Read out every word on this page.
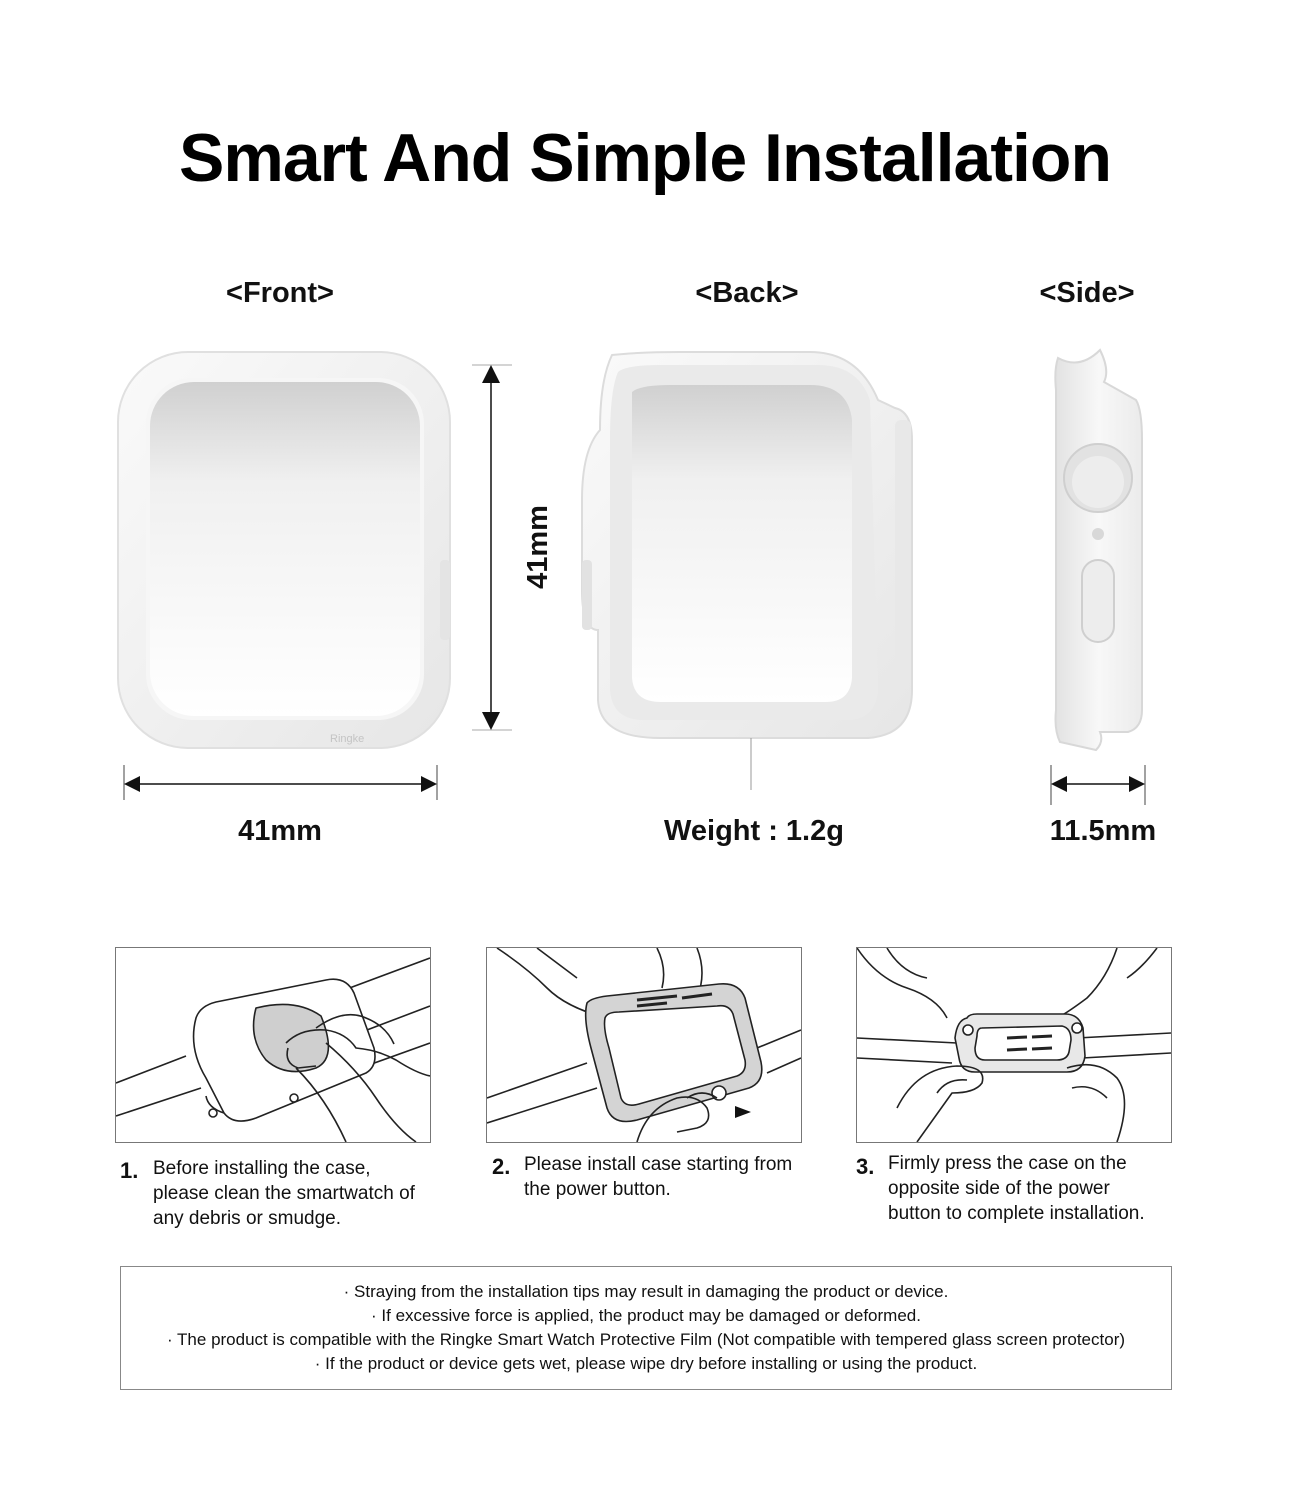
Smart And Simple Installation
<Front>	<Back>	<Side>
Ringke
41mm
41mm	Weight : 1.2g	11.5mm
1. Before installing the case,
please clean the smartwatch of
any debris or smudge.
2. Please install case starting from
the power button.
3. Firmly press the case on the
opposite side of the power
button to complete installation.
· Straying from the installation tips may result in damaging the product or device.
· If excessive force is applied, the product may be damaged or deformed.
· The product is compatible with the Ringke Smart Watch Protective Film (Not compatible with tempered glass screen protector)
· If the product or device gets wet, please wipe dry before installing or using the product.
